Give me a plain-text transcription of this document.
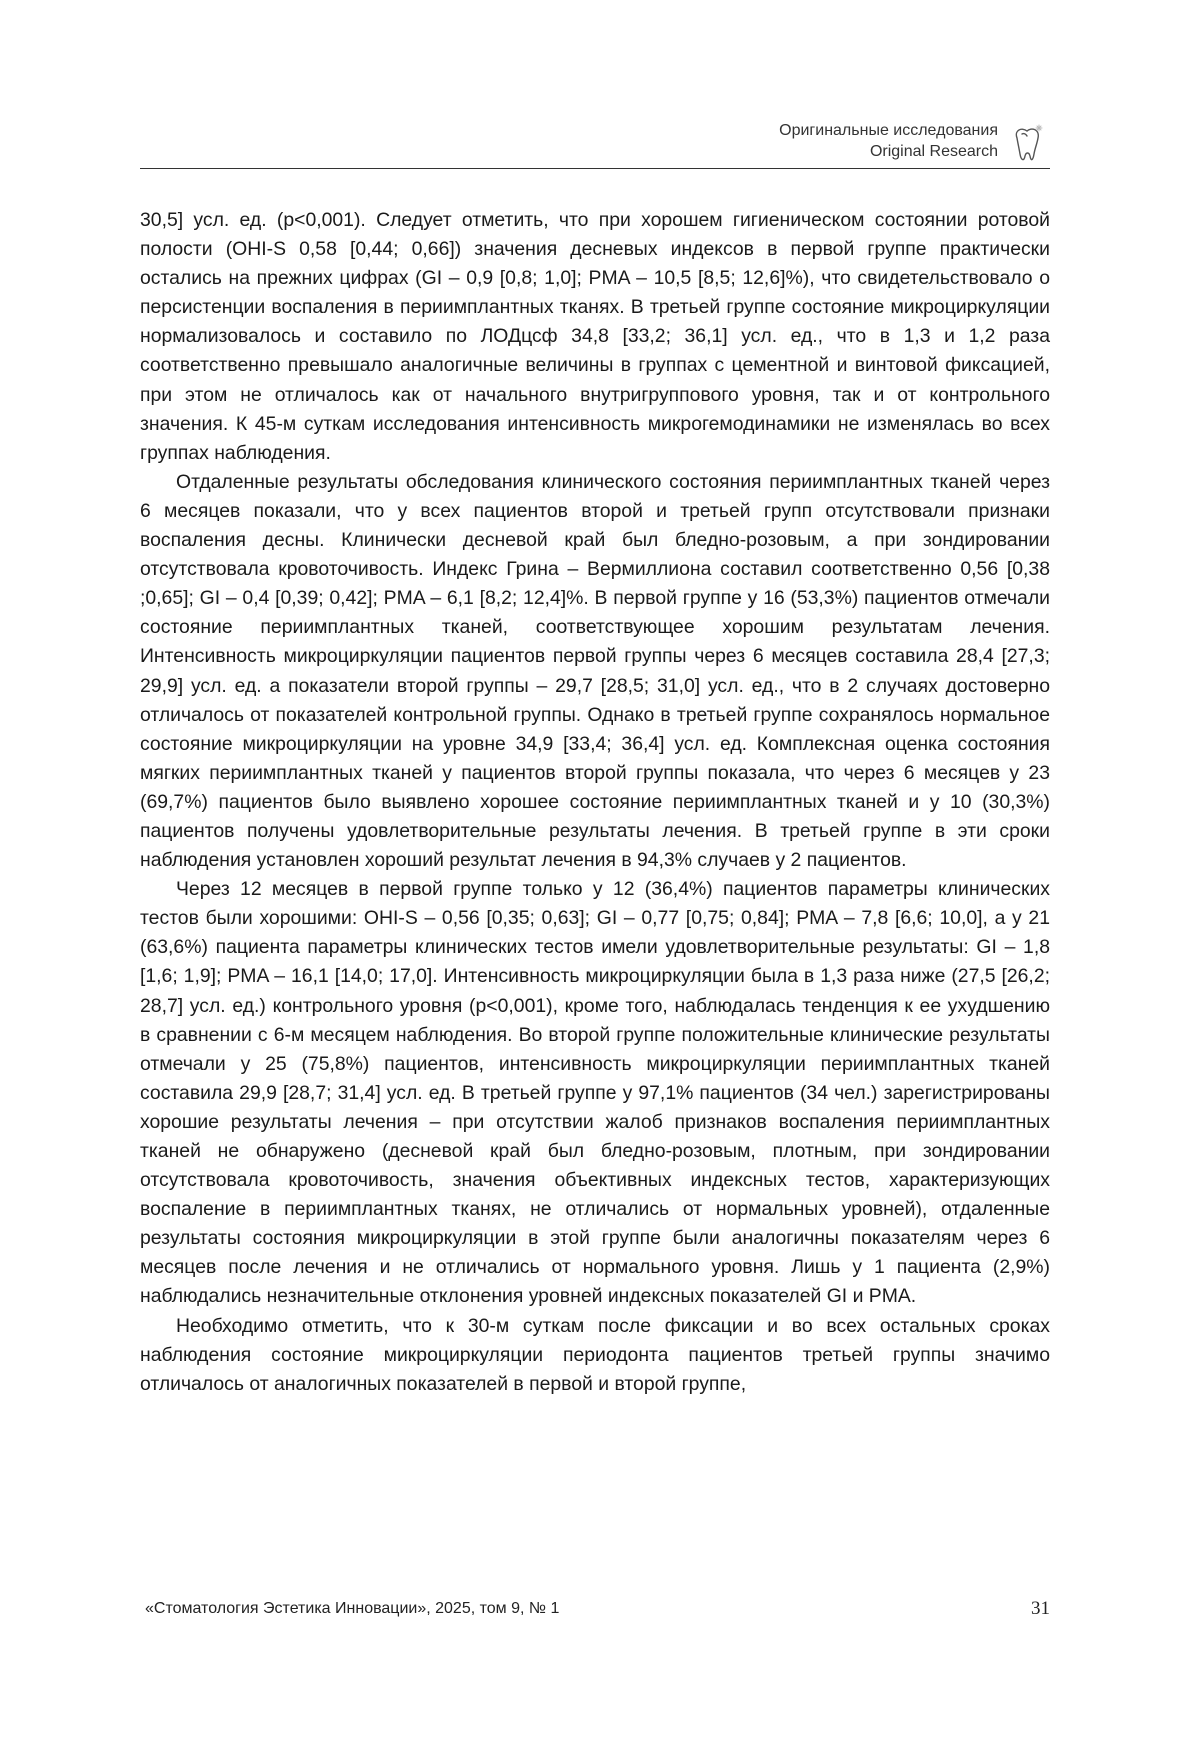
Оригинальные исследования
Original Research

30,5] усл. ед. (р<0,001). Следует отметить, что при хорошем гигиеническом состоянии ротовой полости (OHI-S 0,58 [0,44; 0,66]) значения десневых индексов в первой группе практически остались на прежних цифрах (GI – 0,9 [0,8; 1,0]; PMA – 10,5 [8,5; 12,6]%), что свидетельствовало о персистенции воспаления в периимплантных тканях. В третьей группе состояние микроциркуляции нормализовалось и составило по ЛОДцсф 34,8 [33,2; 36,1] усл. ед., что в 1,3 и 1,2 раза соответственно превышало аналогичные величины в группах с цементной и винтовой фиксацией, при этом не отличалось как от начального внутригруппового уровня, так и от контрольного значения. К 45-м суткам исследования интенсивность микрогемодинамики не изменялась во всех группах наблюдения.

Отдаленные результаты обследования клинического состояния периимплантных тканей через 6 месяцев показали, что у всех пациентов второй и третьей групп отсутствовали признаки воспаления десны. Клинически десневой край был бледно-розовым, а при зондировании отсутствовала кровоточивость. Индекс Грина – Вермиллиона составил соответственно 0,56 [0,38 ;0,65]; GI – 0,4 [0,39; 0,42]; PMA – 6,1 [8,2; 12,4]%. В первой группе у 16 (53,3%) пациентов отмечали состояние периимплантных тканей, соответствующее хорошим результатам лечения. Интенсивность микроциркуляции пациентов первой группы через 6 месяцев составила 28,4 [27,3; 29,9] усл. ед. а показатели второй группы – 29,7 [28,5; 31,0] усл. ед., что в 2 случаях достоверно отличалось от показателей контрольной группы. Однако в третьей группе сохранялось нормальное состояние микроциркуляции на уровне 34,9 [33,4; 36,4] усл. ед. Комплексная оценка состояния мягких периимплантных тканей у пациентов второй группы показала, что через 6 месяцев у 23 (69,7%) пациентов было выявлено хорошее состояние периимплантных тканей и у 10 (30,3%) пациентов получены удовлетворительные результаты лечения. В третьей группе в эти сроки наблюдения установлен хороший результат лечения в 94,3% случаев у 2 пациентов.

Через 12 месяцев в первой группе только у 12 (36,4%) пациентов параметры клинических тестов были хорошими: OHI-S – 0,56 [0,35; 0,63]; GI – 0,77 [0,75; 0,84]; PMA – 7,8 [6,6; 10,0], а у 21 (63,6%) пациента параметры клинических тестов имели удовлетворительные результаты: GI – 1,8 [1,6; 1,9]; PMA – 16,1 [14,0; 17,0]. Интенсивность микроциркуляции была в 1,3 раза ниже (27,5 [26,2; 28,7] усл. ед.) контрольного уровня (р<0,001), кроме того, наблюдалась тенденция к ее ухудшению в сравнении с 6-м месяцем наблюдения. Во второй группе положительные клинические результаты отмечали у 25 (75,8%) пациентов, интенсивность микроциркуляции периимплантных тканей составила 29,9 [28,7; 31,4] усл. ед. В третьей группе у 97,1% пациентов (34 чел.) зарегистрированы хорошие результаты лечения – при отсутствии жалоб признаков воспаления периимплантных тканей не обнаружено (десневой край был бледно-розовым, плотным, при зондировании отсутствовала кровоточивость, значения объективных индексных тестов, характеризующих воспаление в периимплантных тканях, не отличались от нормальных уровней), отдаленные результаты состояния микроциркуляции в этой группе были аналогичны показателям через 6 месяцев после лечения и не отличались от нормального уровня. Лишь у 1 пациента (2,9%) наблюдались незначительные отклонения уровней индексных показателей GI и PMA.

Необходимо отметить, что к 30-м суткам после фиксации и во всех остальных сроках наблюдения состояние микроциркуляции периодонта пациентов третьей группы значимо отличалось от аналогичных показателей в первой и второй группе,

«Стоматология Эстетика Инновации», 2025, том 9, № 1	31
